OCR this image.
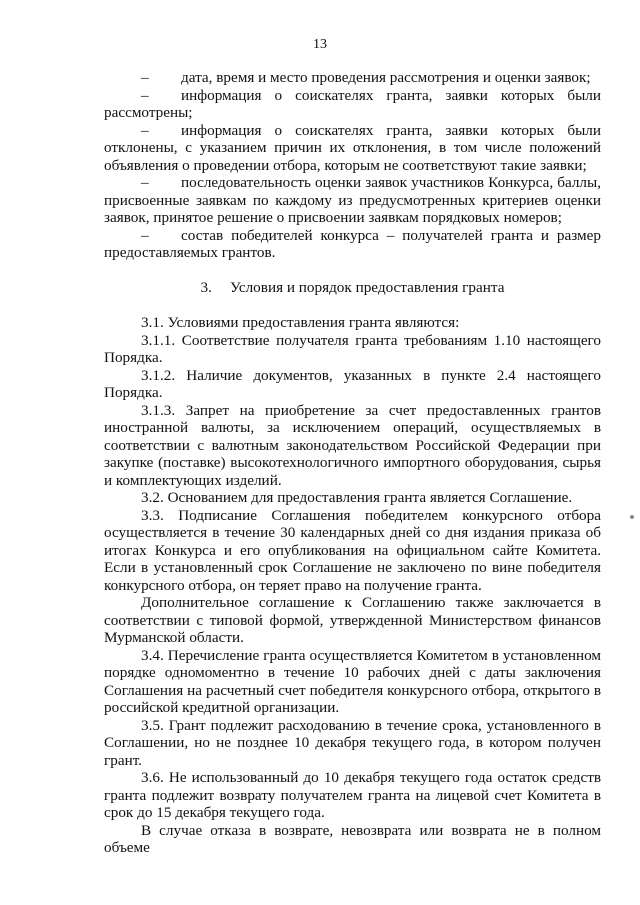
13

– дата, время и место проведения рассмотрения и оценки заявок;

– информация о соискателях гранта, заявки которых были рассмотрены;

– информация о соискателях гранта, заявки которых были отклонены, с указанием причин их отклонения, в том числе положений объявления о проведении отбора, которым не соответствуют такие заявки;

– последовательность оценки заявок участников Конкурса, баллы, присвоенные заявкам по каждому из предусмотренных критериев оценки заявок, принятое решение о присвоении заявкам порядковых номеров;

– состав победителей конкурса – получателей гранта и размер предоставляемых грантов.

3. Условия и порядок предоставления гранта

3.1. Условиями предоставления гранта являются:

3.1.1. Соответствие получателя гранта требованиям 1.10 настоящего Порядка.

3.1.2. Наличие документов, указанных в пункте 2.4 настоящего Порядка.

3.1.3. Запрет на приобретение за счет предоставленных грантов иностранной валюты, за исключением операций, осуществляемых в соответствии с валютным законодательством Российской Федерации при закупке (поставке) высокотехнологичного импортного оборудования, сырья и комплектующих изделий.

3.2. Основанием для предоставления гранта является Соглашение.

3.3. Подписание Соглашения победителем конкурсного отбора осуществляется в течение 30 календарных дней со дня издания приказа об итогах Конкурса и его опубликования на официальном сайте Комитета. Если в установленный срок Соглашение не заключено по вине победителя конкурсного отбора, он теряет право на получение гранта.

Дополнительное соглашение к Соглашению также заключается в соответствии с типовой формой, утвержденной Министерством финансов Мурманской области.

3.4. Перечисление гранта осуществляется Комитетом в установленном порядке одномоментно в течение 10 рабочих дней с даты заключения Соглашения на расчетный счет победителя конкурсного отбора, открытого в российской кредитной организации.

3.5. Грант подлежит расходованию в течение срока, установленного в Соглашении, но не позднее 10 декабря текущего года, в котором получен грант.

3.6. Не использованный до 10 декабря текущего года остаток средств гранта подлежит возврату получателем гранта на лицевой счет Комитета в срок до 15 декабря текущего года.

В случае отказа в возврате, невозврата или возврата не в полном объеме
